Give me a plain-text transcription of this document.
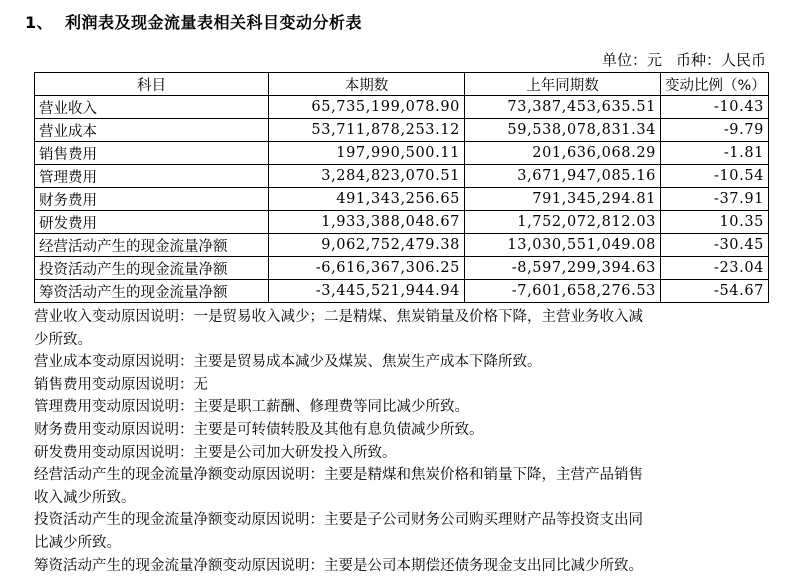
1、 利润表及现金流量表相关科目变动分析表
单位：元 币种：人民币
科目	本期数	上年同期数	变动比例（%）
营业收入	65,735,199,078.90	73,387,453,635.51	-10.43
营业成本	53,711,878,253.12	59,538,078,831.34	-9.79
销售费用	197,990,500.11	201,636,068.29	-1.81
管理费用	3,284,823,070.51	3,671,947,085.16	-10.54
财务费用	491,343,256.65	791,345,294.81	-37.91
研发费用	1,933,388,048.67	1,752,072,812.03	10.35
经营活动产生的现金流量净额	9,062,752,479.38	13,030,551,049.08	-30.45
投资活动产生的现金流量净额	-6,616,367,306.25	-8,597,299,394.63	-23.04
筹资活动产生的现金流量净额	-3,445,521,944.94	-7,601,658,276.53	-54.67

营业收入变动原因说明：一是贸易收入减少；二是精煤、焦炭销量及价格下降，主营业务收入减

少所致。

营业成本变动原因说明：主要是贸易成本减少及煤炭、焦炭生产成本下降所致。

销售费用变动原因说明：无

管理费用变动原因说明：主要是职工薪酬、修理费等同比减少所致。

财务费用变动原因说明：主要是可转债转股及其他有息负债减少所致。

研发费用变动原因说明：主要是公司加大研发投入所致。

经营活动产生的现金流量净额变动原因说明：主要是精煤和焦炭价格和销量下降，主营产品销售

收入减少所致。

投资活动产生的现金流量净额变动原因说明：主要是子公司财务公司购买理财产品等投资支出同

比减少所致。

筹资活动产生的现金流量净额变动原因说明：主要是公司本期偿还债务现金支出同比减少所致。
